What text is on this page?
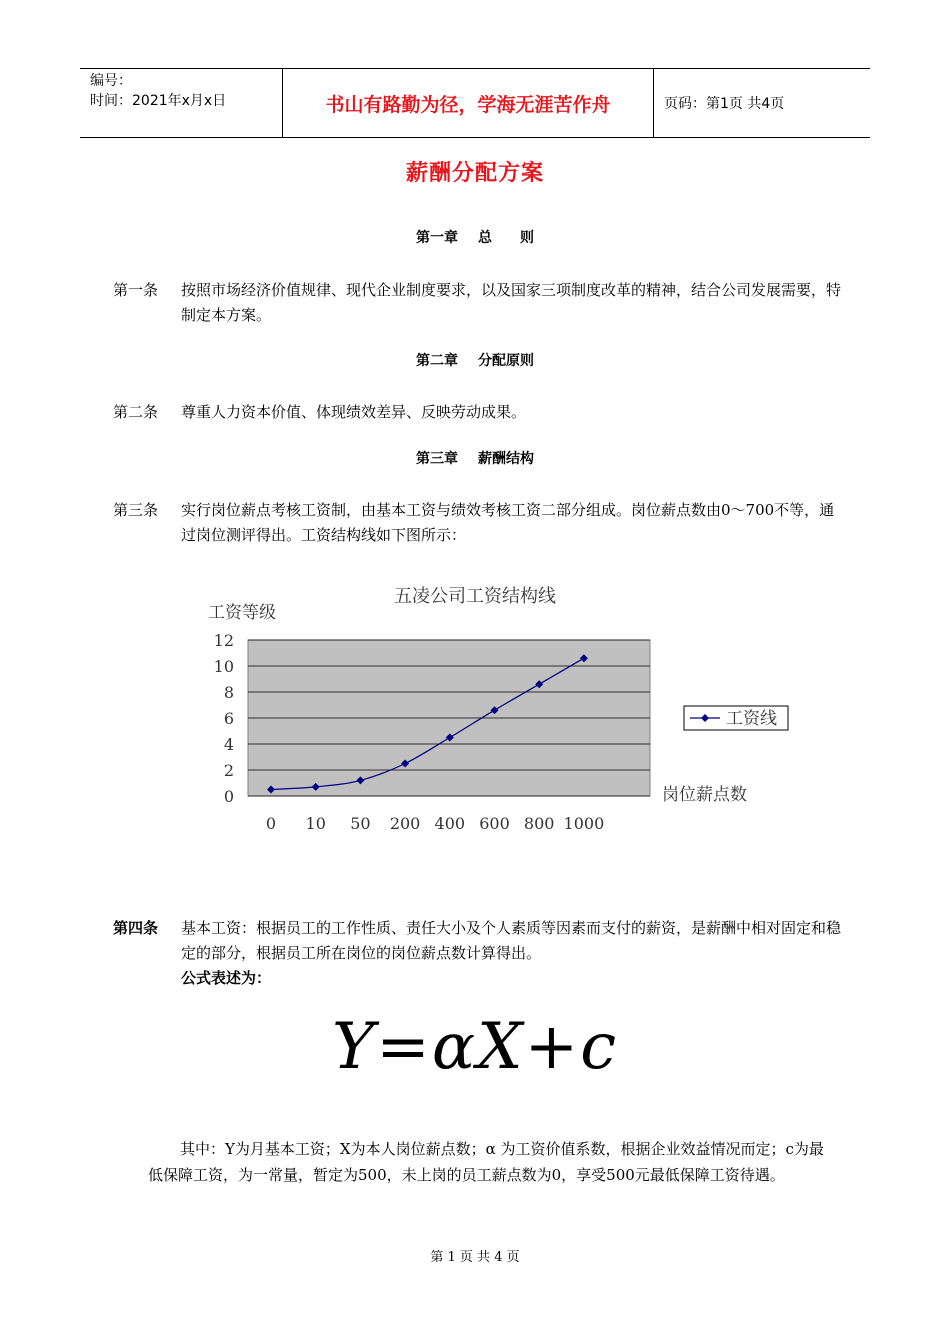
编号：
时间：2021年x月x日	书山有路勤为径，学海无涯苦作舟	页码：第1页 共4页
薪酬分配方案
第一章 总　　则
第一条	按照市场经济价值规律、现代企业制度要求，以及国家三项制度改革的精神，结合公司发展需要，特制定本方案。
第二章 分配原则
第二条	尊重人力资本价值、体现绩效差异、反映劳动成果。
第三章 薪酬结构
第三条	实行岗位薪点考核工资制，由基本工资与绩效考核工资二部分组成。岗位薪点数由0～700不等，通过岗位测评得出。工资结构线如下图所示：
五凌公司工资结构线
工资等级
岗位薪点数
12
10
8
6
4
2
0
0 10 50 200 400 600 800 1000
工资线
第四条	基本工资：根据员工的工作性质、责任大小及个人素质等因素而支付的薪资，是薪酬中相对固定和稳定的部分，根据员工所在岗位的岗位薪点数计算得出。
公式表述为：
Y=αX+c
其中：Y为月基本工资；X为本人岗位薪点数；α 为工资价值系数，根据企业效益情况而定；c为最低保障工资，为一常量，暂定为500，未上岗的员工薪点数为0，享受500元最低保障工资待遇。
第 1 页 共 4 页
